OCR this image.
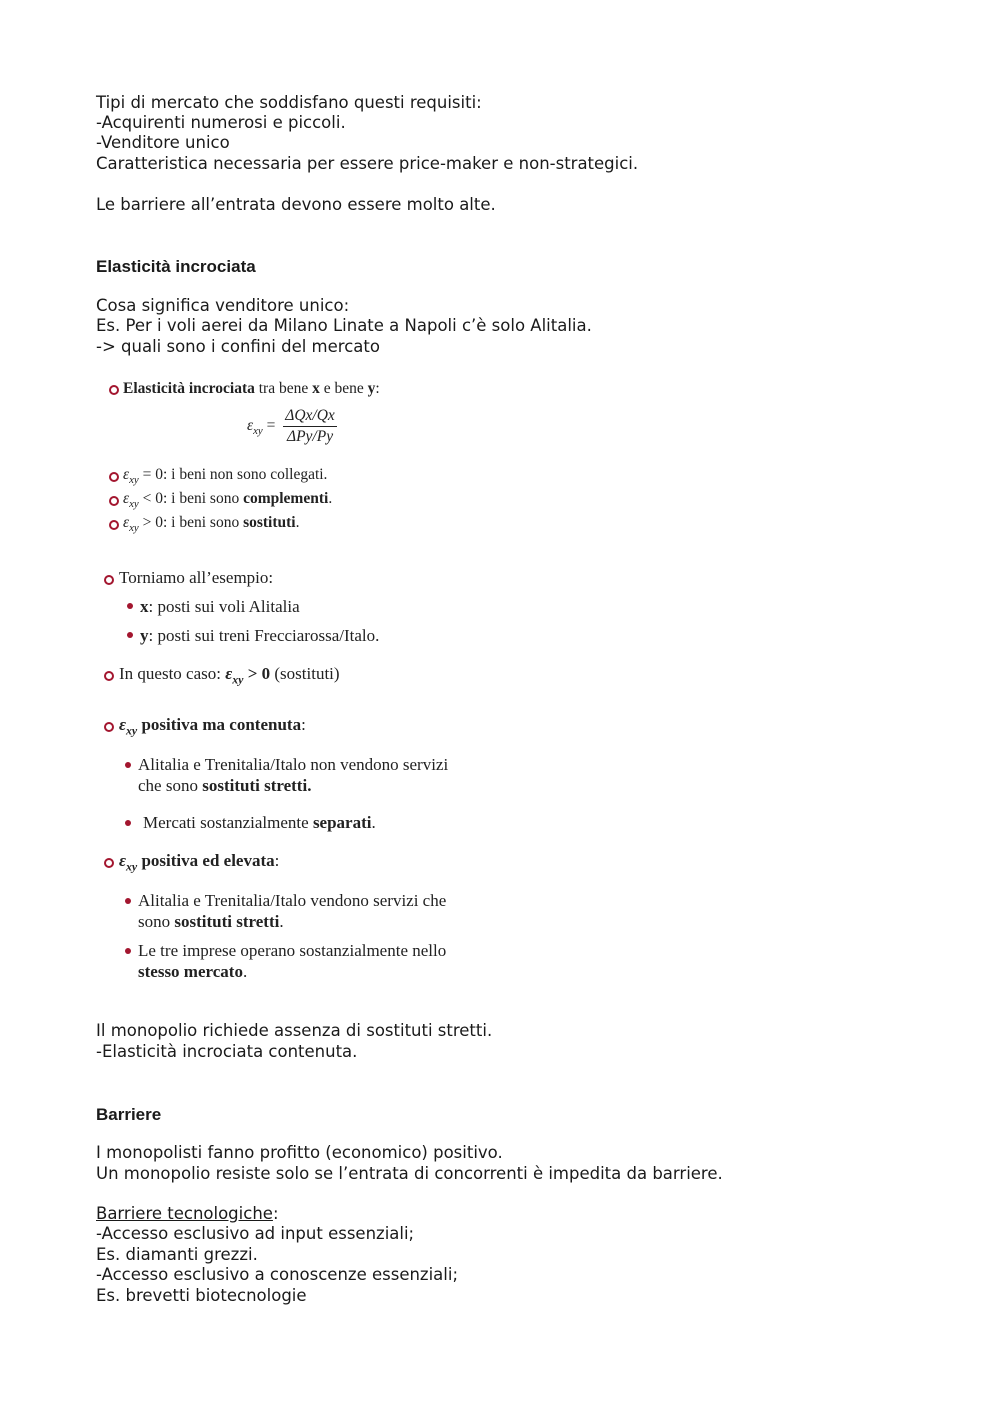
Tipi di mercato che soddisfano questi requisiti:
-Acquirenti numerosi e piccoli.
-Venditore unico
Caratteristica necessaria per essere price-maker e non-strategici.
Le barriere all’entrata devono essere molto alte.
Elasticità incrociata
Cosa significa venditore unico:
Es. Per i voli aerei da Milano Linate a Napoli c’è solo Alitalia.
-> quali sono i confini del mercato
Elasticità incrociata tra bene x e bene y:
$\varepsilon_{xy} = \frac{\text{ΔQx/Qx}}{\text{ΔPy/Py}}$
$\varepsilon_{xy} = 0$: i beni non sono collegati.
$\varepsilon_{xy} < 0$: i beni sono complementi.
$\varepsilon_{xy} > 0$: i beni sono sostituti.
Torniamo all’esempio:
x: posti sui voli Alitalia
y: posti sui treni Frecciarossa/Italo.
In questo caso: $\varepsilon_{xy} > 0$ (sostituti)
$\varepsilon_{xy}$ positiva ma contenuta:
Alitalia e Trenitalia/Italo non vendono servizi
che sono sostituti stretti.
Mercati sostanzialmente separati.
$\varepsilon_{xy}$ positiva ed elevata:
Alitalia e Trenitalia/Italo vendono servizi che
sono sostituti stretti.
Le tre imprese operano sostanzialmente nello
stesso mercato.
Il monopolio richiede assenza di sostituti stretti.
-Elasticità incrociata contenuta.
Barriere
I monopolisti fanno profitto (economico) positivo.
Un monopolio resiste solo se l’entrata di concorrenti è impedita da barriere.
Barriere tecnologiche:
-Accesso esclusivo ad input essenziali;
Es. diamanti grezzi.
-Accesso esclusivo a conoscenze essenziali;
Es. brevetti biotecnologie
